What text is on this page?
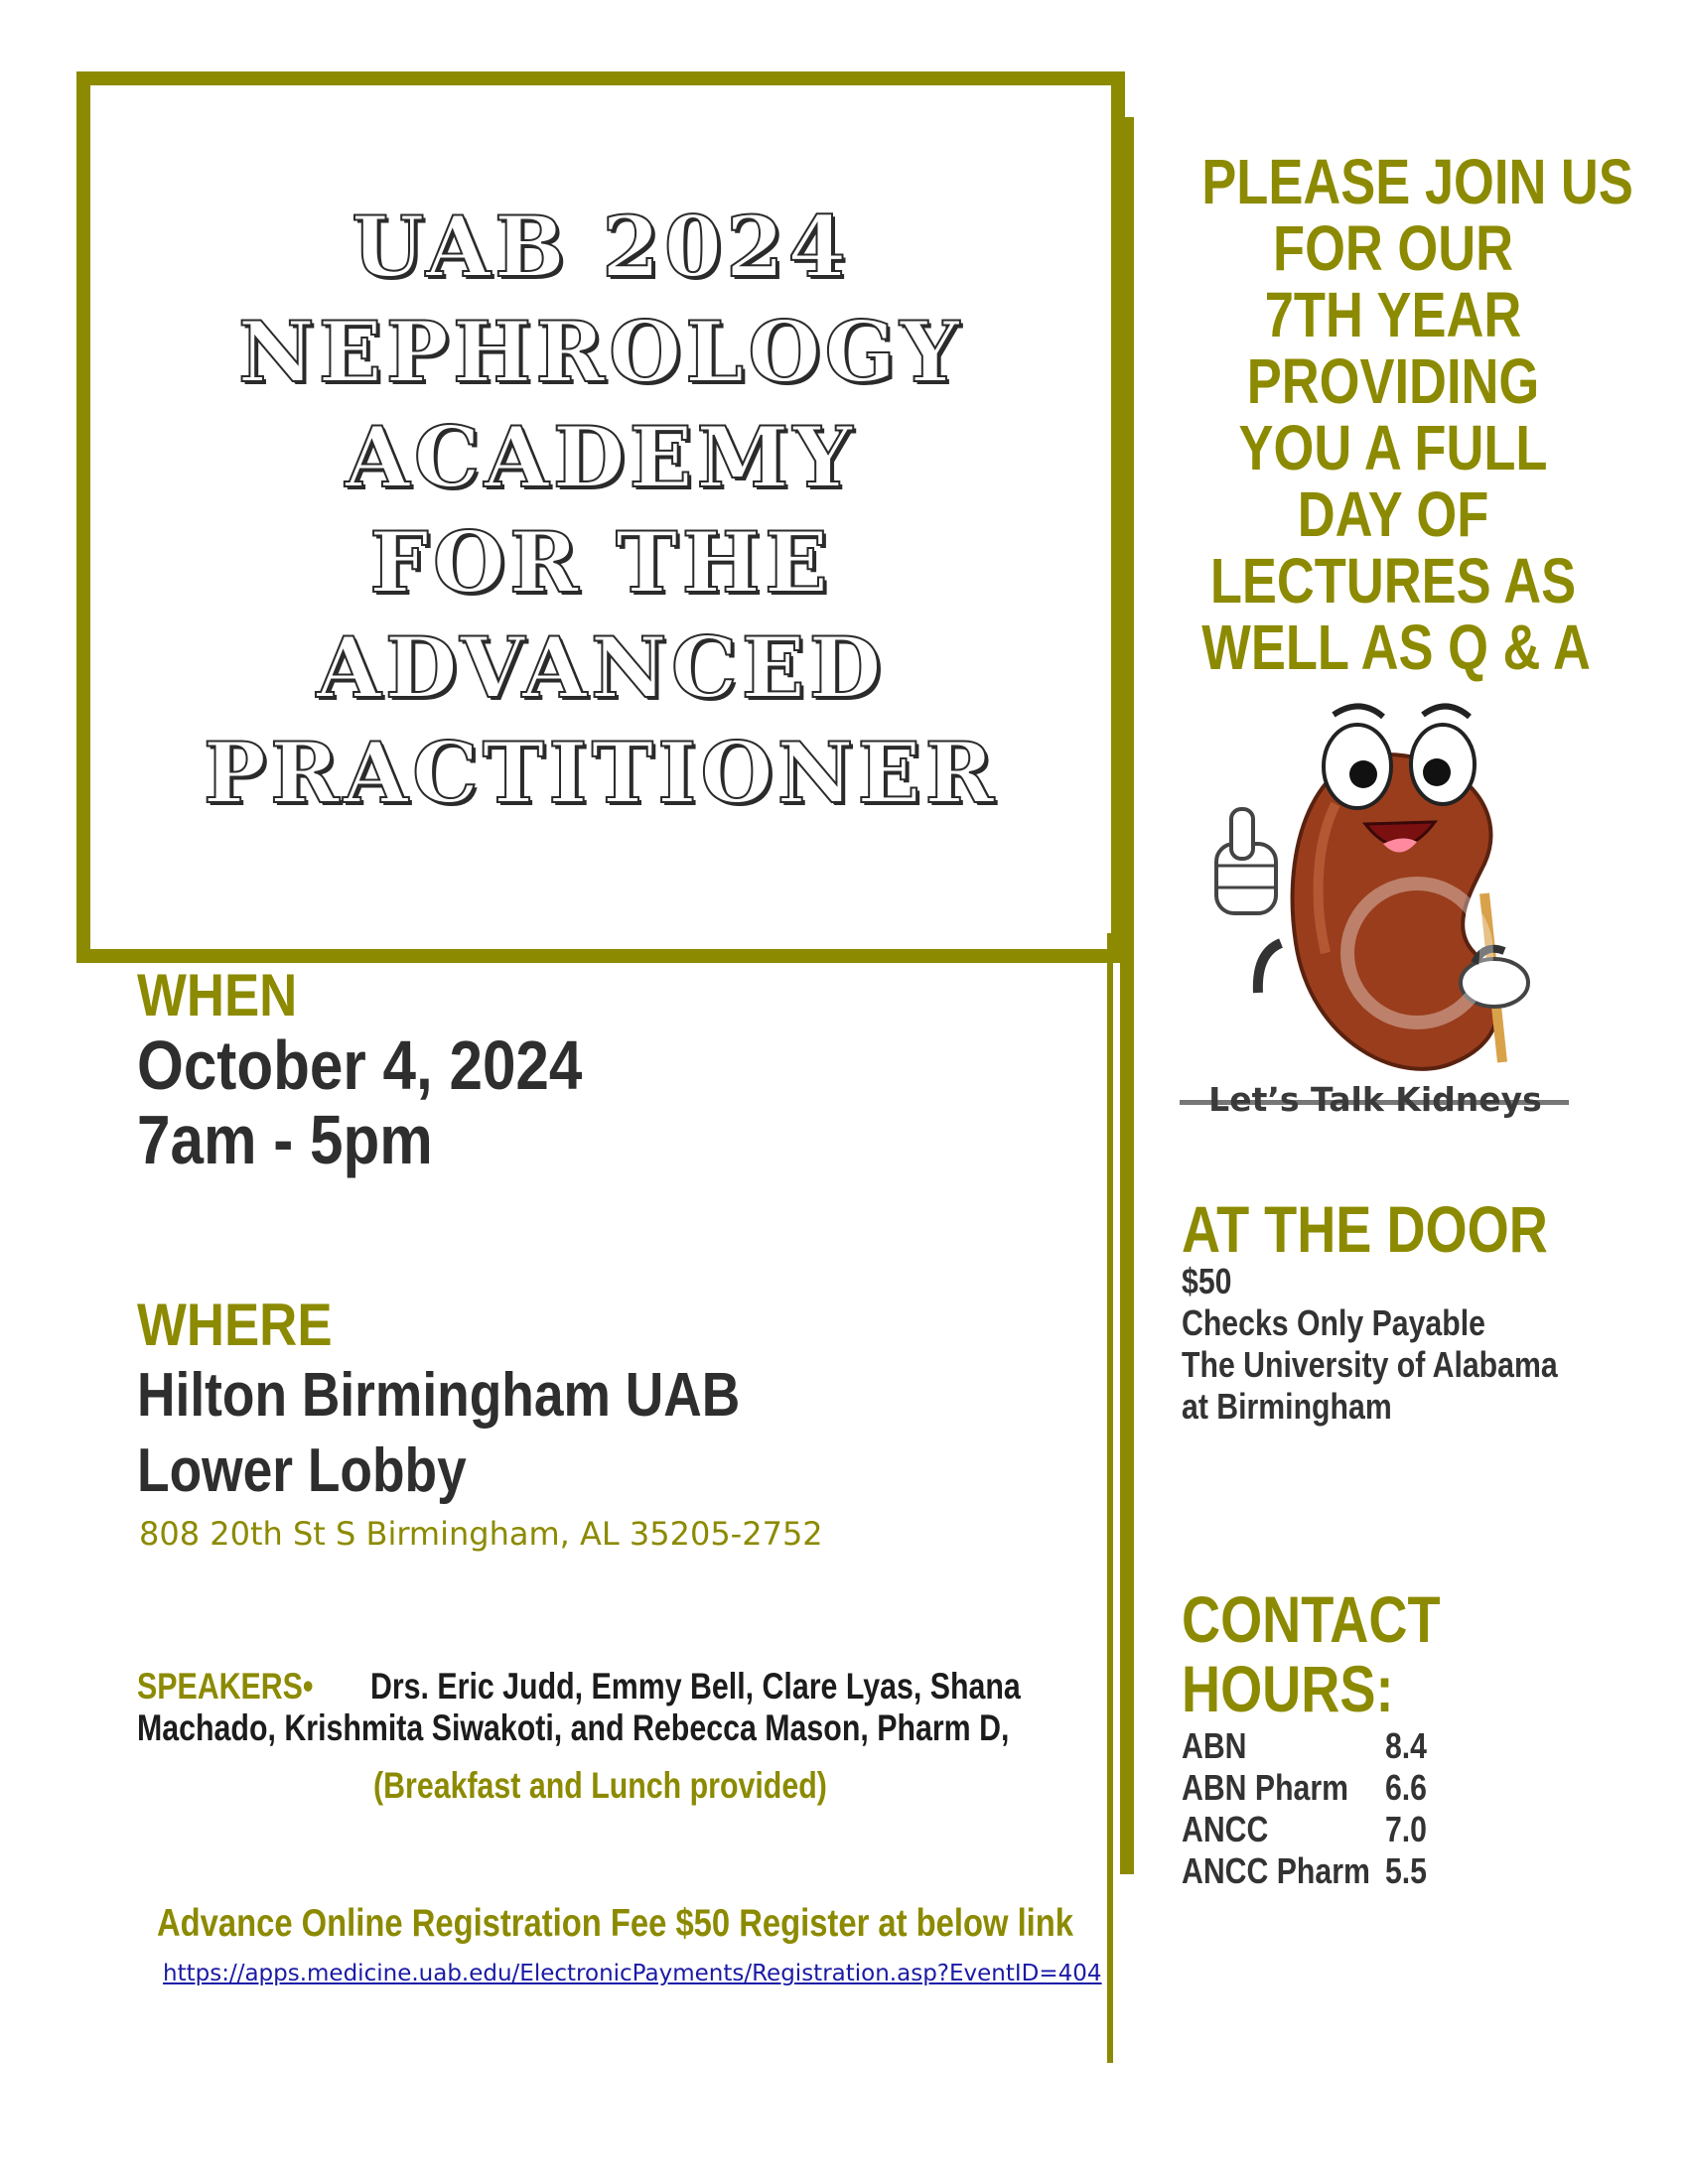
UAB 2024
NEPHROLOGY
ACADEMY
FOR THE
ADVANCED
PRACTITIONER
WHEN
October 4, 2024
7am - 5pm
WHERE
Hilton Birmingham UAB
Lower Lobby
808 20th St S Birmingham, AL 35205-2752
SPEAKERS• Drs. Eric Judd, Emmy Bell, Clare Lyas, Shana Machado, Krishmita Siwakoti, and Rebecca Mason, Pharm D,
(Breakfast and Lunch provided)
Advance Online Registration Fee $50 Register at below link
https://apps.medicine.uab.edu/ElectronicPayments/Registration.asp?EventID=404
PLEASE JOIN US
FOR OUR
7TH YEAR
PROVIDING
YOU A FULL
DAY OF
LECTURES AS
WELL AS Q & A
Let’s Talk Kidneys
AT THE DOOR
$50
Checks Only Payable
The University of Alabama
at Birmingham
CONTACT
HOURS:
ABN	8.4
ABN Pharm	6.6
ANCC	7.0
ANCC Pharm 5.5
